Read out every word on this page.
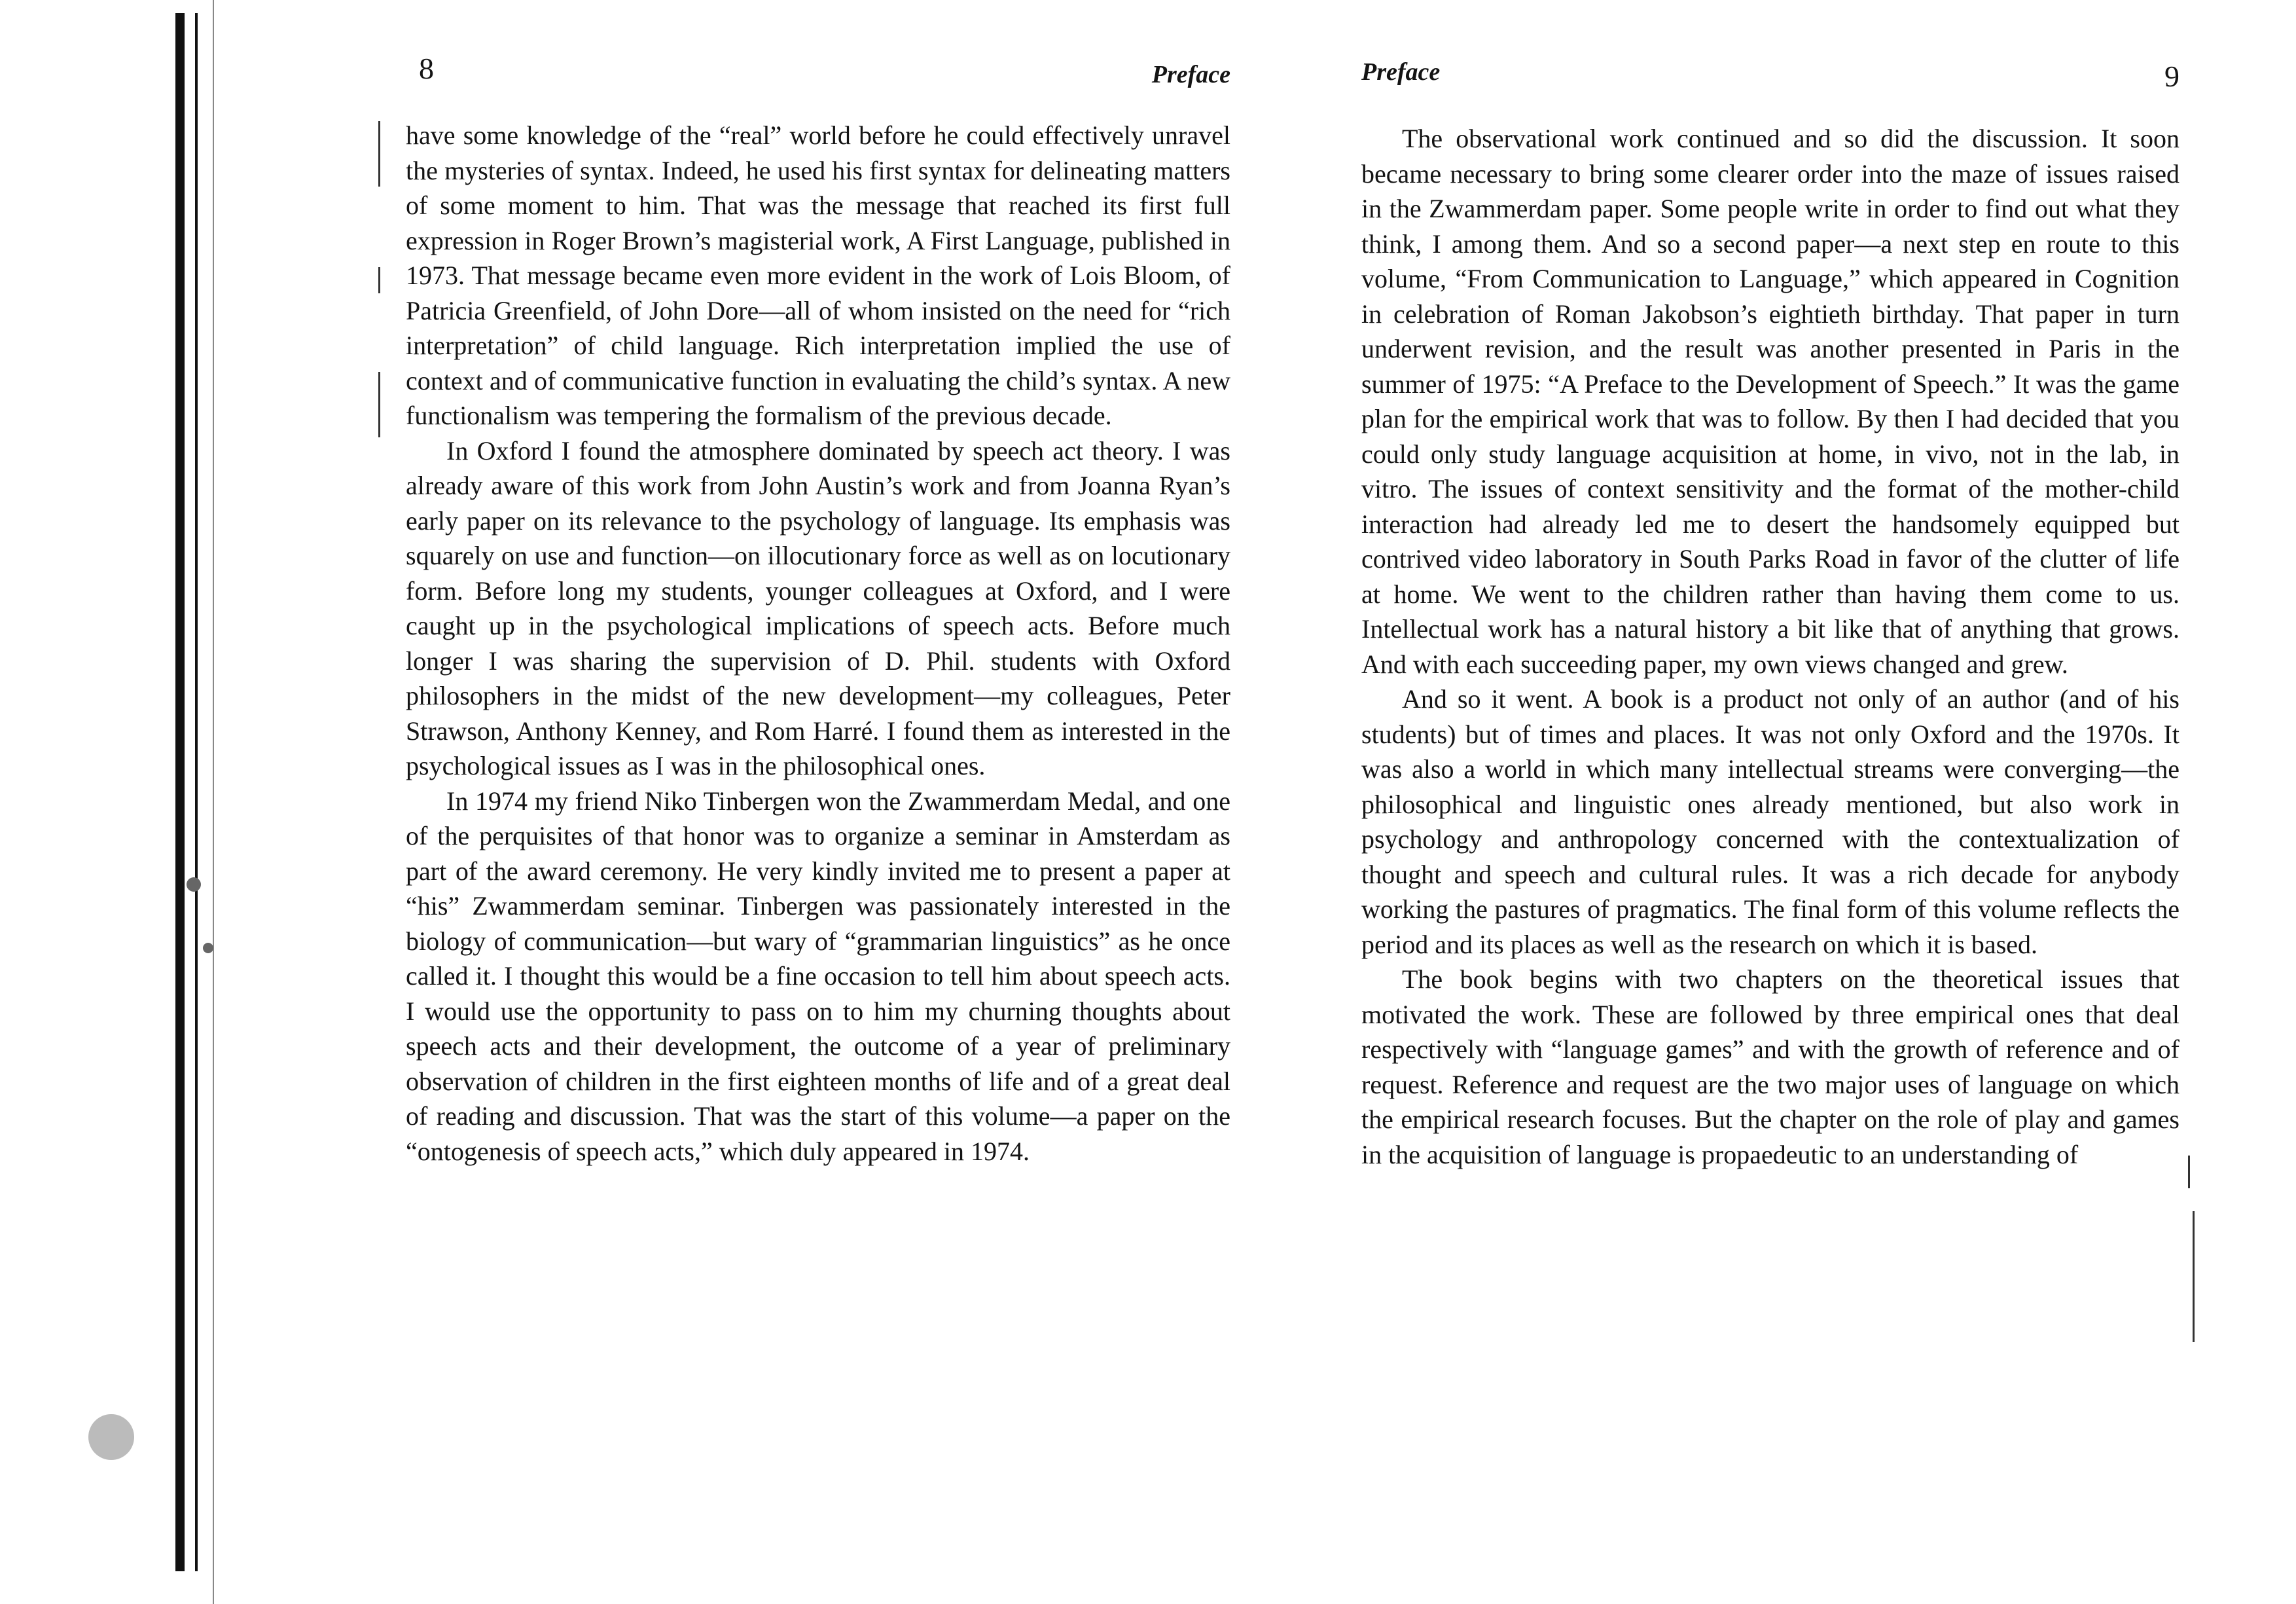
8	Preface

have some knowledge of the “real” world before he could effectively unravel the mysteries of syntax. Indeed, he used his first syntax for delineating matters of some moment to him. That was the message that reached its first full expression in Roger Brown’s magisterial work, A First Language, published in 1973. That message became even more evident in the work of Lois Bloom, of Patricia Greenfield, of John Dore—all of whom insisted on the need for “rich interpretation” of child language. Rich interpretation implied the use of context and of communicative function in evaluating the child’s syntax. A new functionalism was tempering the formalism of the previous decade.

In Oxford I found the atmosphere dominated by speech act theory. I was already aware of this work from John Austin’s work and from Joanna Ryan’s early paper on its relevance to the psychology of language. Its emphasis was squarely on use and function—on illocutionary force as well as on locutionary form. Before long my students, younger colleagues at Oxford, and I were caught up in the psychological implications of speech acts. Before much longer I was sharing the supervision of D. Phil. students with Oxford philosophers in the midst of the new development—my colleagues, Peter Strawson, Anthony Kenney, and Rom Harré. I found them as interested in the psychological issues as I was in the philosophical ones.

In 1974 my friend Niko Tinbergen won the Zwammerdam Medal, and one of the perquisites of that honor was to organize a seminar in Amsterdam as part of the award ceremony. He very kindly invited me to present a paper at “his” Zwammerdam seminar. Tinbergen was passionately interested in the biology of communication—but wary of “grammarian linguistics” as he once called it. I thought this would be a fine occasion to tell him about speech acts. I would use the opportunity to pass on to him my churning thoughts about speech acts and their development, the outcome of a year of preliminary observation of children in the first eighteen months of life and of a great deal of reading and discussion. That was the start of this volume—a paper on the “ontogenesis of speech acts,” which duly appeared in 1974.

Preface	9

The observational work continued and so did the discussion. It soon became necessary to bring some clearer order into the maze of issues raised in the Zwammerdam paper. Some people write in order to find out what they think, I among them. And so a second paper—a next step en route to this volume, “From Communication to Language,” which appeared in Cognition in celebration of Roman Jakobson’s eightieth birthday. That paper in turn underwent revision, and the result was another presented in Paris in the summer of 1975: “A Preface to the Development of Speech.” It was the game plan for the empirical work that was to follow. By then I had decided that you could only study language acquisition at home, in vivo, not in the lab, in vitro. The issues of context sensitivity and the format of the mother-child interaction had already led me to desert the handsomely equipped but contrived video laboratory in South Parks Road in favor of the clutter of life at home. We went to the children rather than having them come to us. Intellectual work has a natural history a bit like that of anything that grows. And with each succeeding paper, my own views changed and grew.

And so it went. A book is a product not only of an author (and of his students) but of times and places. It was not only Oxford and the 1970s. It was also a world in which many intellectual streams were converging—the philosophical and linguistic ones already mentioned, but also work in psychology and anthropology concerned with the contextualization of thought and speech and cultural rules. It was a rich decade for anybody working the pastures of pragmatics. The final form of this volume reflects the period and its places as well as the research on which it is based.

The book begins with two chapters on the theoretical issues that motivated the work. These are followed by three empirical ones that deal respectively with “language games” and with the growth of reference and of request. Reference and request are the two major uses of language on which the empirical research focuses. But the chapter on the role of play and games in the acquisition of language is propaedeutic to an understanding of
